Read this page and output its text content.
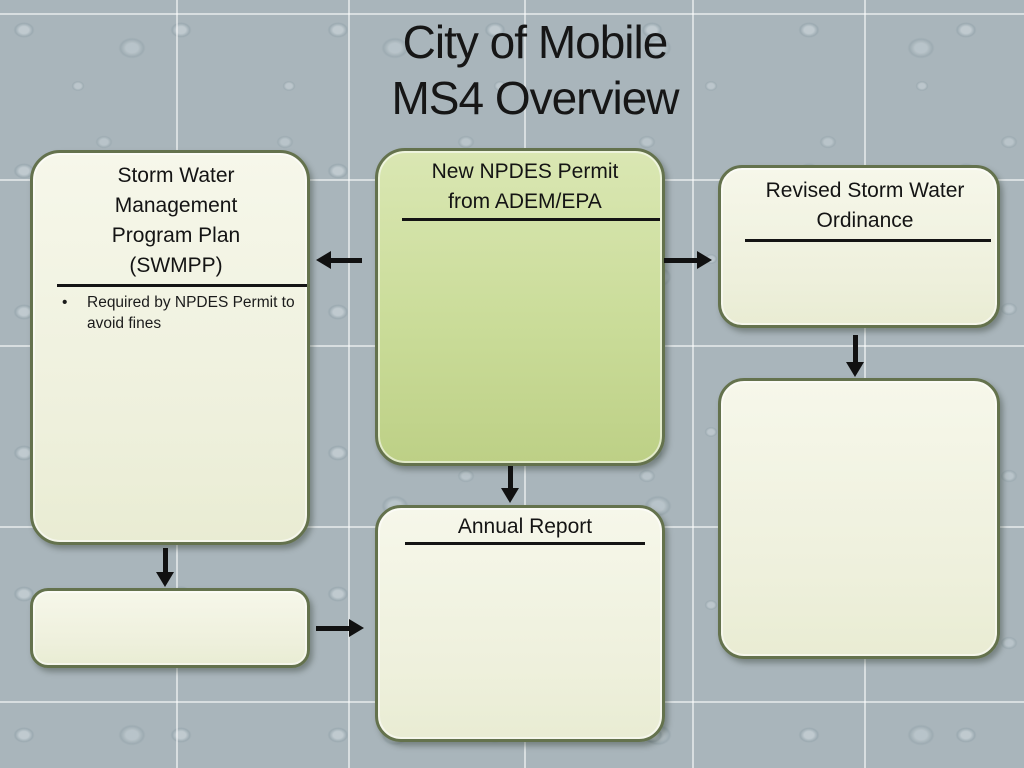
City of Mobile
MS4 Overview
Storm Water
Management
Program Plan
(SWMPP)
• Required by NPDES Permit to avoid fines
New NPDES Permit
from ADEM/EPA	Revised Storm Water
Ordinance
Annual Report
